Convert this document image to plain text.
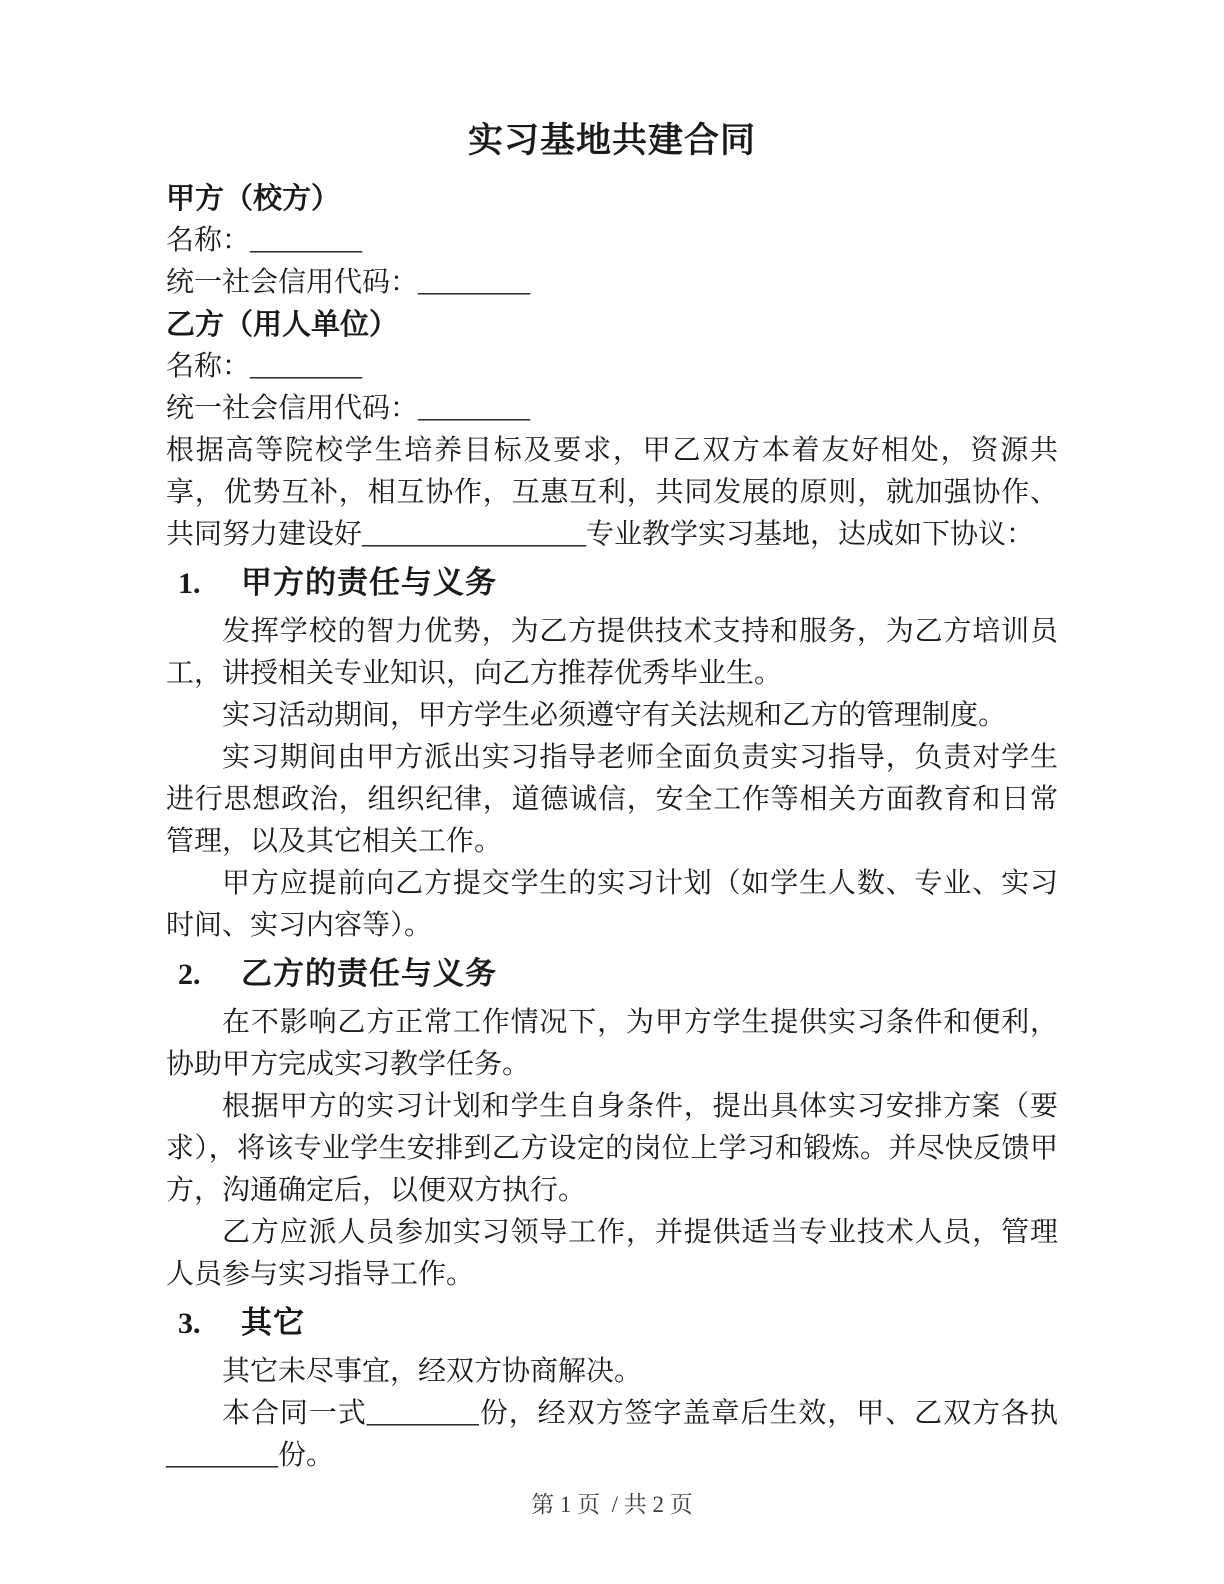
实习基地共建合同
甲方（校方）
名称：________
统一社会信用代码：________
乙方（用人单位）
名称：________
统一社会信用代码：________

根据高等院校学生培养目标及要求，甲乙双方本着友好相处，资源共享，优势互补，相互协作，互惠互利，共同发展的原则，就加强协作、共同努力建设好____________​____专业教学实习基地，达成如下协议：

1.	甲方的责任与义务

发挥学校的智力优势，为乙方提供技术支持和服务，为乙方培训员工，讲授相关专业知识，向乙方推荐优秀毕业生。

实习活动期间，甲方学生必须遵守有关法规和乙方的管理制度。

实习期间由甲方派出实习指导老师全面负责实习指导，负责对学生进行思想政治，组织纪律，道德诚信，安全工作等相关方面教育和日常管理，以及其它相关工作。

甲方应提前向乙方提交学生的实习计划（如学生人数、专业、实习时间、实习内容等）。

2.	乙方的责任与义务

在不影响乙方正常工作情况下，为甲方学生提供实习条件和便利，协助甲方完成实习教学任务。

根据甲方的实习计划和学生自身条件，提出具体实习安排方案（要求），将该专业学生安排到乙方设定的岗位上学习和锻炼。并尽快反馈甲方，沟通确定后，以便双方执行。

乙方应派人员参加实习领导工作，并提供适当专业技术人员，管理人员参与实习指导工作。

3.	其它

其它未尽事宜，经双方协商解决。

本合同一式________份，经双方签字盖章后生效，甲、乙双方各执________份。

第 1 页  / 共 2 页
